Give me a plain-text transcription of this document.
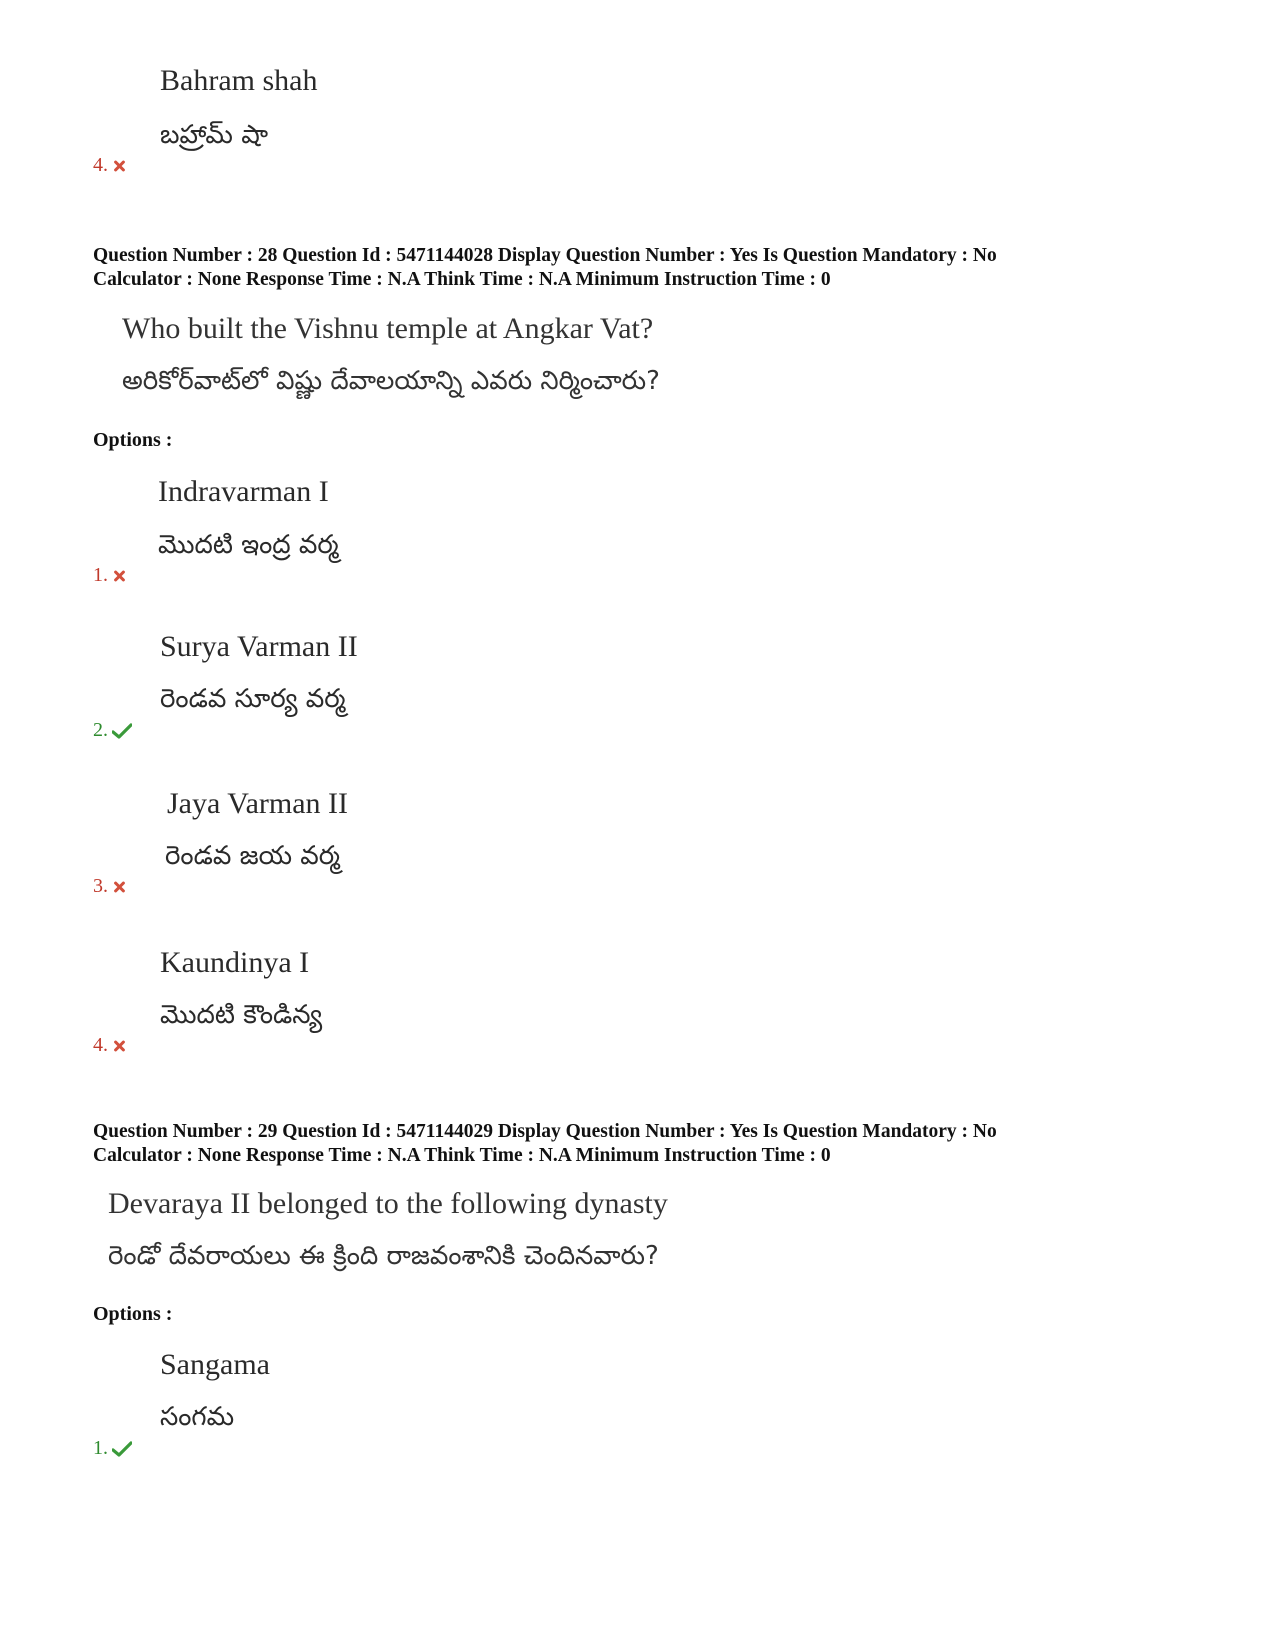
Bahram shah
బహ్రామ్ షా
4.
Question Number : 28 Question Id : 5471144028 Display Question Number : Yes Is Question Mandatory : No
Calculator : None Response Time : N.A Think Time : N.A Minimum Instruction Time : 0
Who built the Vishnu temple at Angkar Vat?
అరికోర్‌వాట్‌లో విష్ణు దేవాలయాన్ని ఎవరు నిర్మించారు?
Options :
Indravarman I
మొదటి ఇంద్ర వర్మ
1.
Surya Varman II
రెండవ సూర్య వర్మ
2.
Jaya Varman II
రెండవ జయ వర్మ
3.
Kaundinya I
మొదటి కౌండిన్య
4.
Question Number : 29 Question Id : 5471144029 Display Question Number : Yes Is Question Mandatory : No
Calculator : None Response Time : N.A Think Time : N.A Minimum Instruction Time : 0
Devaraya II belonged to the following dynasty
రెండో దేవరాయలు ఈ క్రింది రాజవంశానికి చెందినవారు?
Options :
Sangama
సంగమ
1.
